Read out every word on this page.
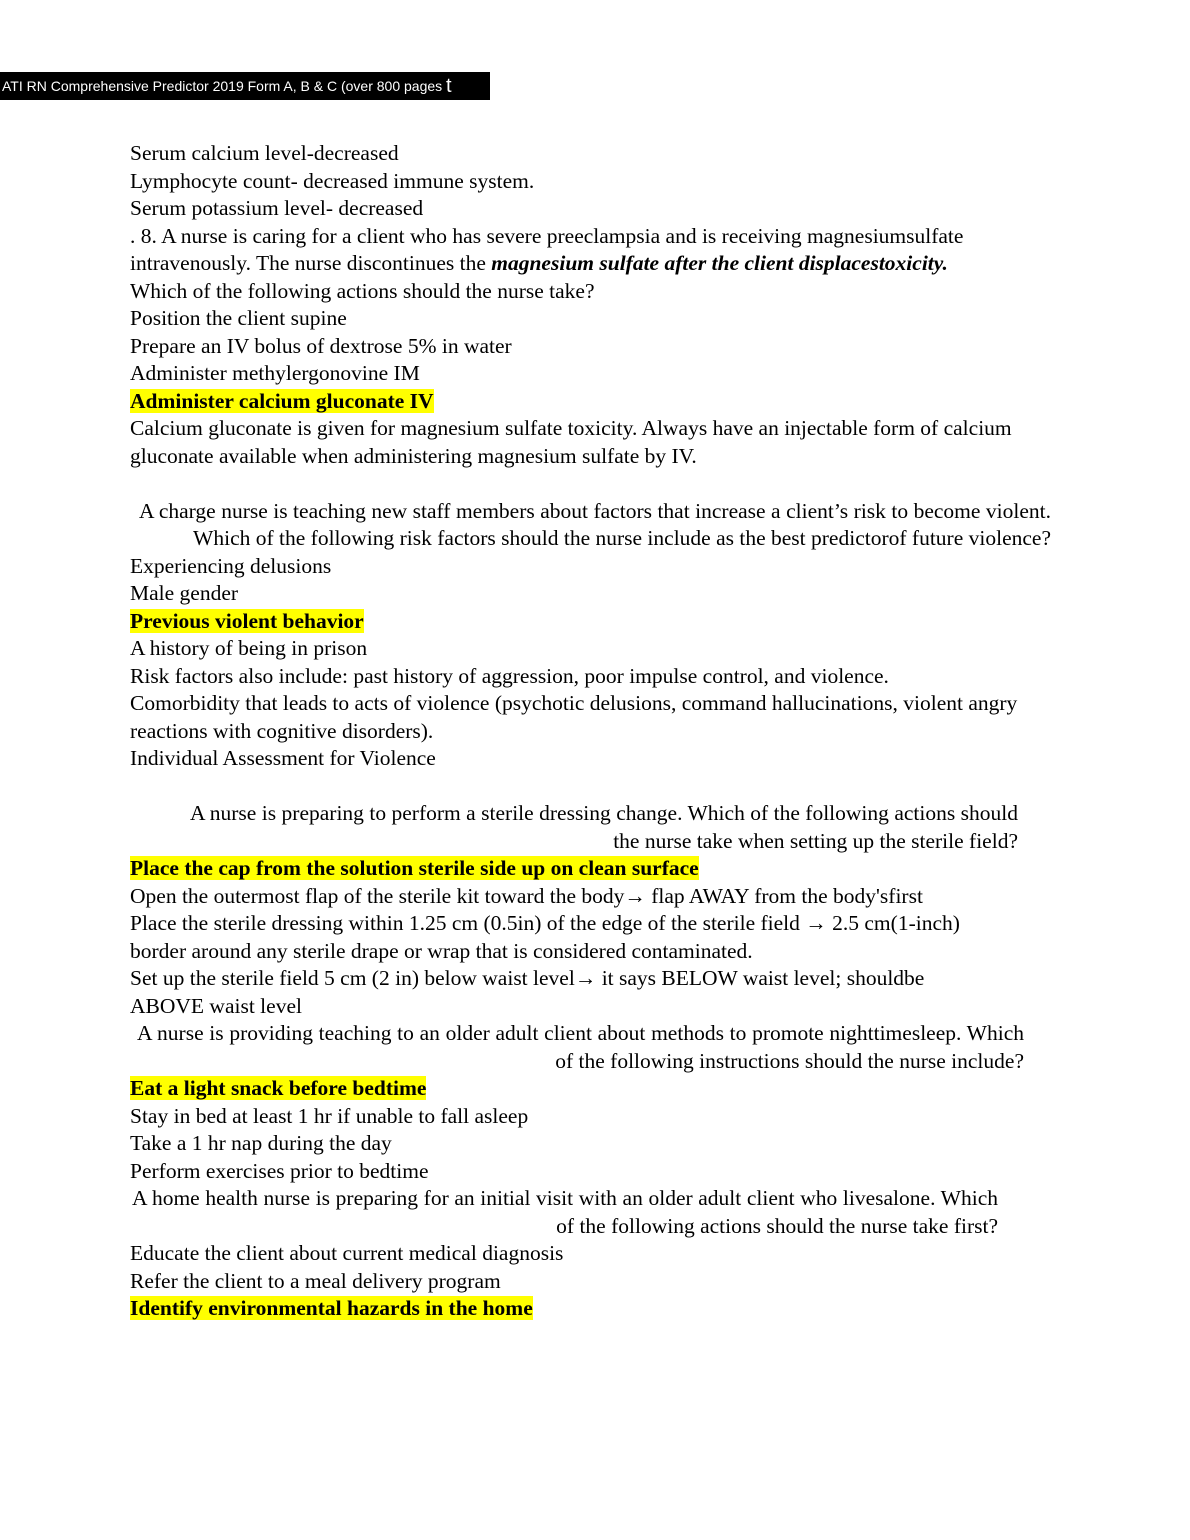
ATI RN Comprehensive Predictor 2019 Form A, B & C (over 800 pages t
Serum calcium level-decreased
Lymphocyte count- decreased immune system.
Serum potassium level- decreased
. 8. A nurse is caring for a client who has severe preeclampsia and is receiving magnesiumsulfate intravenously. The nurse discontinues the magnesium sulfate after the client displacestoxicity.
Which of the following actions should the nurse take?
Position the client supine
Prepare an IV bolus of dextrose 5% in water
Administer methylergonovine IM
Administer calcium gluconate IV
Calcium gluconate is given for magnesium sulfate toxicity. Always have an injectable form of calcium gluconate available when administering magnesium sulfate by IV.
A charge nurse is teaching new staff members about factors that increase a client’s risk to become violent. Which of the following risk factors should the nurse include as the best predictorof future violence?
Experiencing delusions
Male gender
Previous violent behavior
A history of being in prison
Risk factors also include: past history of aggression, poor impulse control, and violence.
Comorbidity that leads to acts of violence (psychotic delusions, command hallucinations, violent angry reactions with cognitive disorders).
Individual Assessment for Violence
A nurse is preparing to perform a sterile dressing change. Which of the following actions should the nurse take when setting up the sterile field?
Place the cap from the solution sterile side up on clean surface
Open the outermost flap of the sterile kit toward the body→ flap AWAY from the body'sfirst
Place the sterile dressing within 1.25 cm (0.5in) of the edge of the sterile field → 2.5 cm(1-inch) border around any sterile drape or wrap that is considered contaminated.
Set up the sterile field 5 cm (2 in) below waist level→ it says BELOW waist level; shouldbe ABOVE waist level
A nurse is providing teaching to an older adult client about methods to promote nighttimesleep. Which of the following instructions should the nurse include?
Eat a light snack before bedtime
Stay in bed at least 1 hr if unable to fall asleep
Take a 1 hr nap during the day
Perform exercises prior to bedtime
A home health nurse is preparing for an initial visit with an older adult client who livesalone. Which of the following actions should the nurse take first?
Educate the client about current medical diagnosis
Refer the client to a meal delivery program
Identify environmental hazards in the home
